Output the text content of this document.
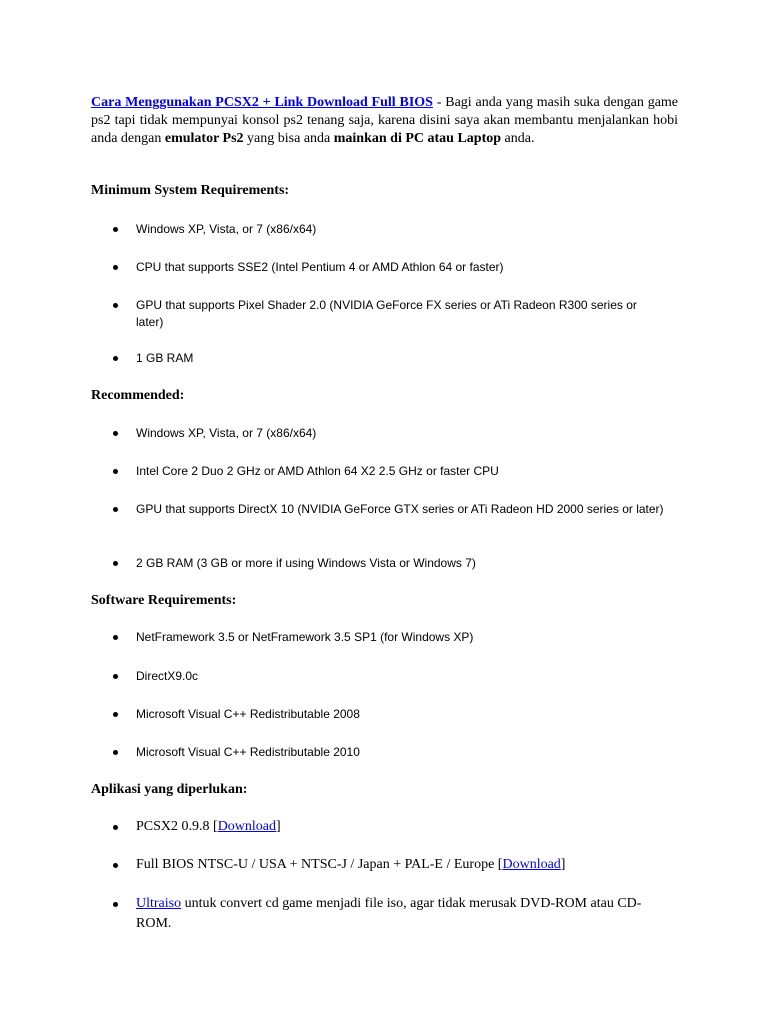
Cara Menggunakan PCSX2 + Link Download Full BIOS - Bagi anda yang masih suka dengan game ps2 tapi tidak mempunyai konsol ps2 tenang saja, karena disini saya akan membantu menjalankan hobi anda dengan emulator Ps2 yang bisa anda mainkan di PC atau Laptop anda.

Minimum System Requirements:
Windows XP, Vista, or 7 (x86/x64)
CPU that supports SSE2 (Intel Pentium 4 or AMD Athlon 64 or faster)
GPU that supports Pixel Shader 2.0 (NVIDIA GeForce FX series or ATi Radeon R300 series or later)
1 GB RAM
Recommended:
Windows XP, Vista, or 7 (x86/x64)
Intel Core 2 Duo 2 GHz or AMD Athlon 64 X2 2.5 GHz or faster CPU
GPU that supports DirectX 10 (NVIDIA GeForce GTX series or ATi Radeon HD 2000 series or later)
2 GB RAM (3 GB or more if using Windows Vista or Windows 7)
Software Requirements:
NetFramework 3.5 or NetFramework 3.5 SP1 (for Windows XP)
DirectX9.0c
Microsoft Visual C++ Redistributable 2008
Microsoft Visual C++ Redistributable 2010
Aplikasi yang diperlukan:
PCSX2 0.9.8 [Download]
Full BIOS NTSC-U / USA + NTSC-J / Japan + PAL-E / Europe [Download]
Ultraiso untuk convert cd game menjadi file iso, agar tidak merusak DVD-ROM atau CD-ROM.
